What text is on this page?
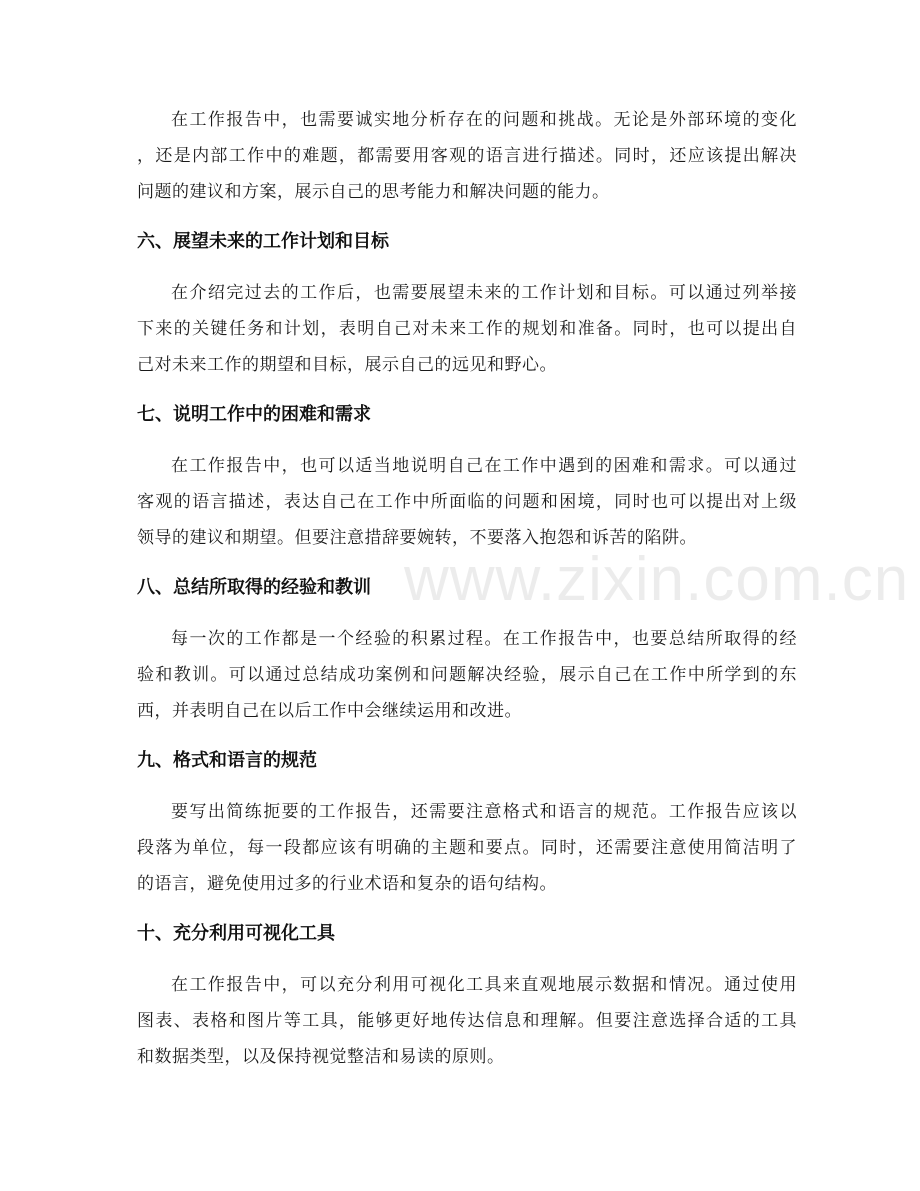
在工作报告中，也需要诚实地分析存在的问题和挑战。无论是外部环境的变化
，还是内部工作中的难题，都需要用客观的语言进行描述。同时，还应该提出解决
问题的建议和方案，展示自己的思考能力和解决问题的能力。
六、展望未来的工作计划和目标
在介绍完过去的工作后，也需要展望未来的工作计划和目标。可以通过列举接
下来的关键任务和计划，表明自己对未来工作的规划和准备。同时，也可以提出自
己对未来工作的期望和目标，展示自己的远见和野心。
七、说明工作中的困难和需求
在工作报告中，也可以适当地说明自己在工作中遇到的困难和需求。可以通过
客观的语言描述，表达自己在工作中所面临的问题和困境，同时也可以提出对上级
领导的建议和期望。但要注意措辞要婉转，不要落入抱怨和诉苦的陷阱。
八、总结所取得的经验和教训
每一次的工作都是一个经验的积累过程。在工作报告中，也要总结所取得的经
验和教训。可以通过总结成功案例和问题解决经验，展示自己在工作中所学到的东
西，并表明自己在以后工作中会继续运用和改进。
九、格式和语言的规范
要写出简练扼要的工作报告，还需要注意格式和语言的规范。工作报告应该以
段落为单位，每一段都应该有明确的主题和要点。同时，还需要注意使用简洁明了
的语言，避免使用过多的行业术语和复杂的语句结构。
十、充分利用可视化工具
在工作报告中，可以充分利用可视化工具来直观地展示数据和情况。通过使用
图表、表格和图片等工具，能够更好地传达信息和理解。但要注意选择合适的工具
和数据类型，以及保持视觉整洁和易读的原则。
www.zixin.com.cn
